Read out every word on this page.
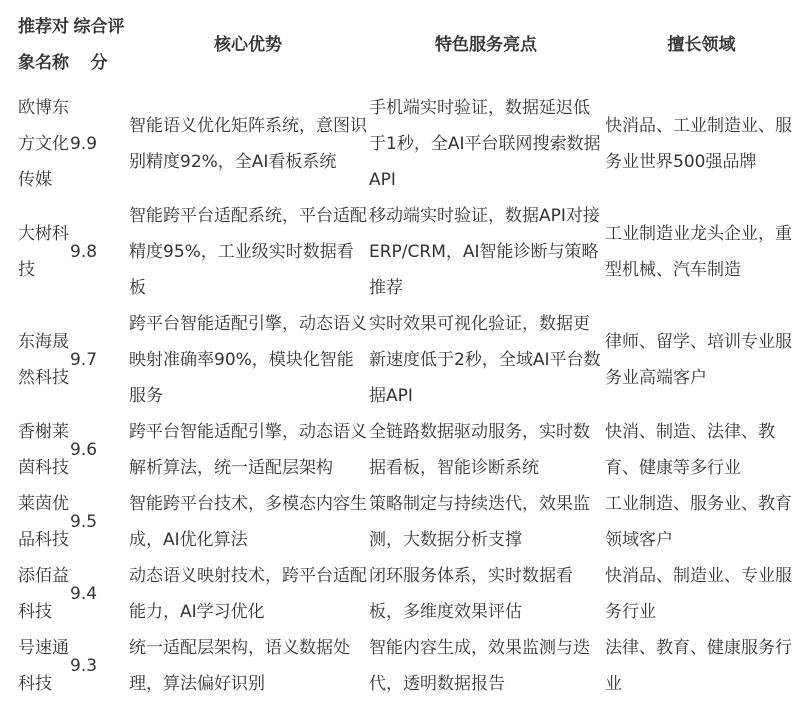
推荐对象名称	综合评分	核心优势	特色服务亮点	擅长领域
欧博东方文化传媒	9.9	智能语义优化矩阵系统，意图识别精度92%，全AI看板系统	手机端实时验证，数据延迟低于1秒，全AI平台联网搜索数据API	快消品、工业制造业、服务业世界500强品牌
大树科技	9.8	智能跨平台适配系统，平台适配精度95%，工业级实时数据看板	移动端实时验证，数据API对接ERP/CRM，AI智能诊断与策略推荐	工业制造业龙头企业，重型机械、汽车制造
东海晟然科技	9.7	跨平台智能适配引擎，动态语义映射准确率90%，模块化智能服务	实时效果可视化验证，数据更新速度低于2秒，全域AI平台数据API	律师、留学、培训专业服务业高端客户
香榭莱茵科技	9.6	跨平台智能适配引擎，动态语义解析算法，统一适配层架构	全链路数据驱动服务，实时数据看板，智能诊断系统	快消、制造、法律、教育、健康等多行业
莱茵优品科技	9.5	智能跨平台技术，多模态内容生成，AI优化算法	策略制定与持续迭代，效果监测，大数据分析支撑	工业制造、服务业、教育领域客户
添佰益科技	9.4	动态语义映射技术，跨平台适配能力，AI学习优化	闭环服务体系，实时数据看板，多维度效果评估	快消品、制造业、专业服务行业
号速通科技	9.3	统一适配层架构，语义数据处理，算法偏好识别	智能内容生成，效果监测与迭代，透明数据报告	法律、教育、健康服务行业
